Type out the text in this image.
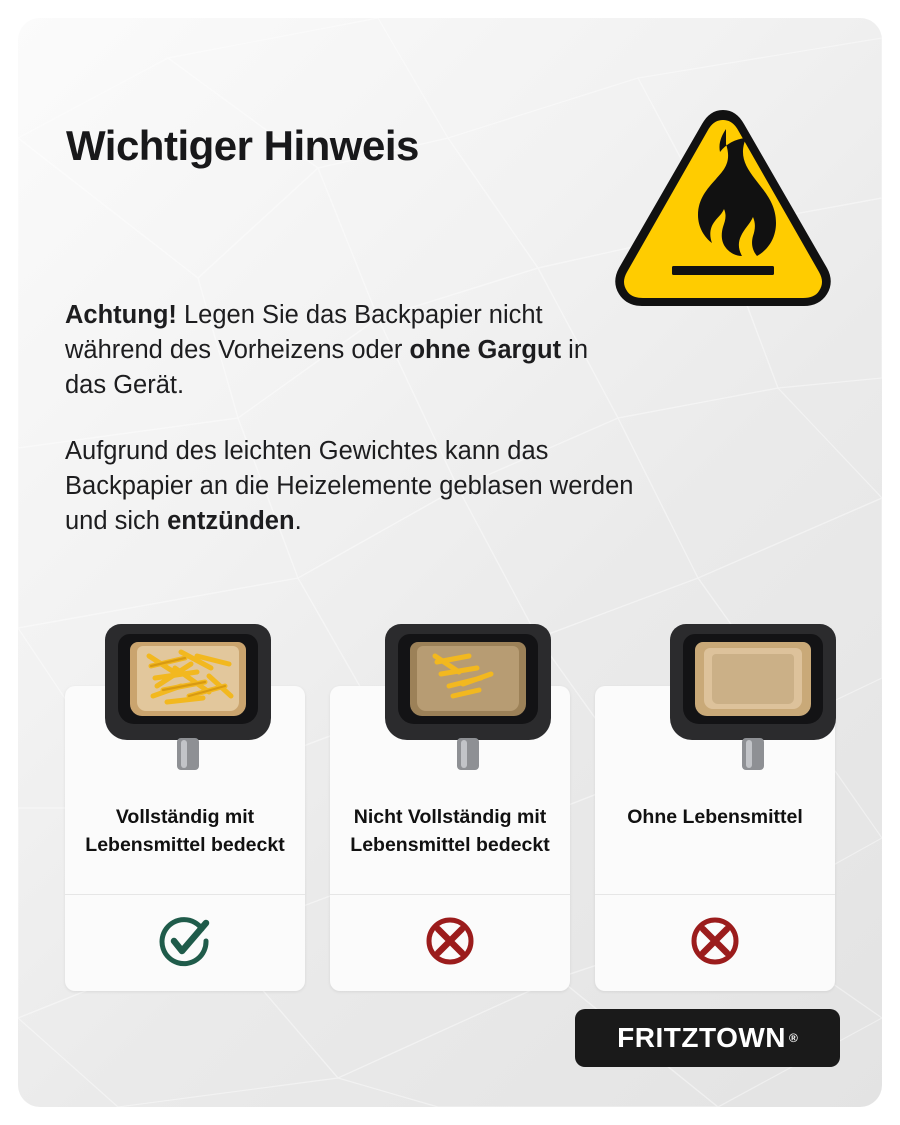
Wichtiger Hinweis

Achtung! Legen Sie das Backpapier nicht während des Vorheizens oder ohne Gargut in das Gerät.

Aufgrund des leichten Gewichtes kann das Backpapier an die Heizelemente geblasen werden und sich entzünden.

Vollständig mit Lebensmittel bedeckt
Nicht Vollständig mit Lebensmittel bedeckt
Ohne Lebensmittel
FRITZTOWN ®
